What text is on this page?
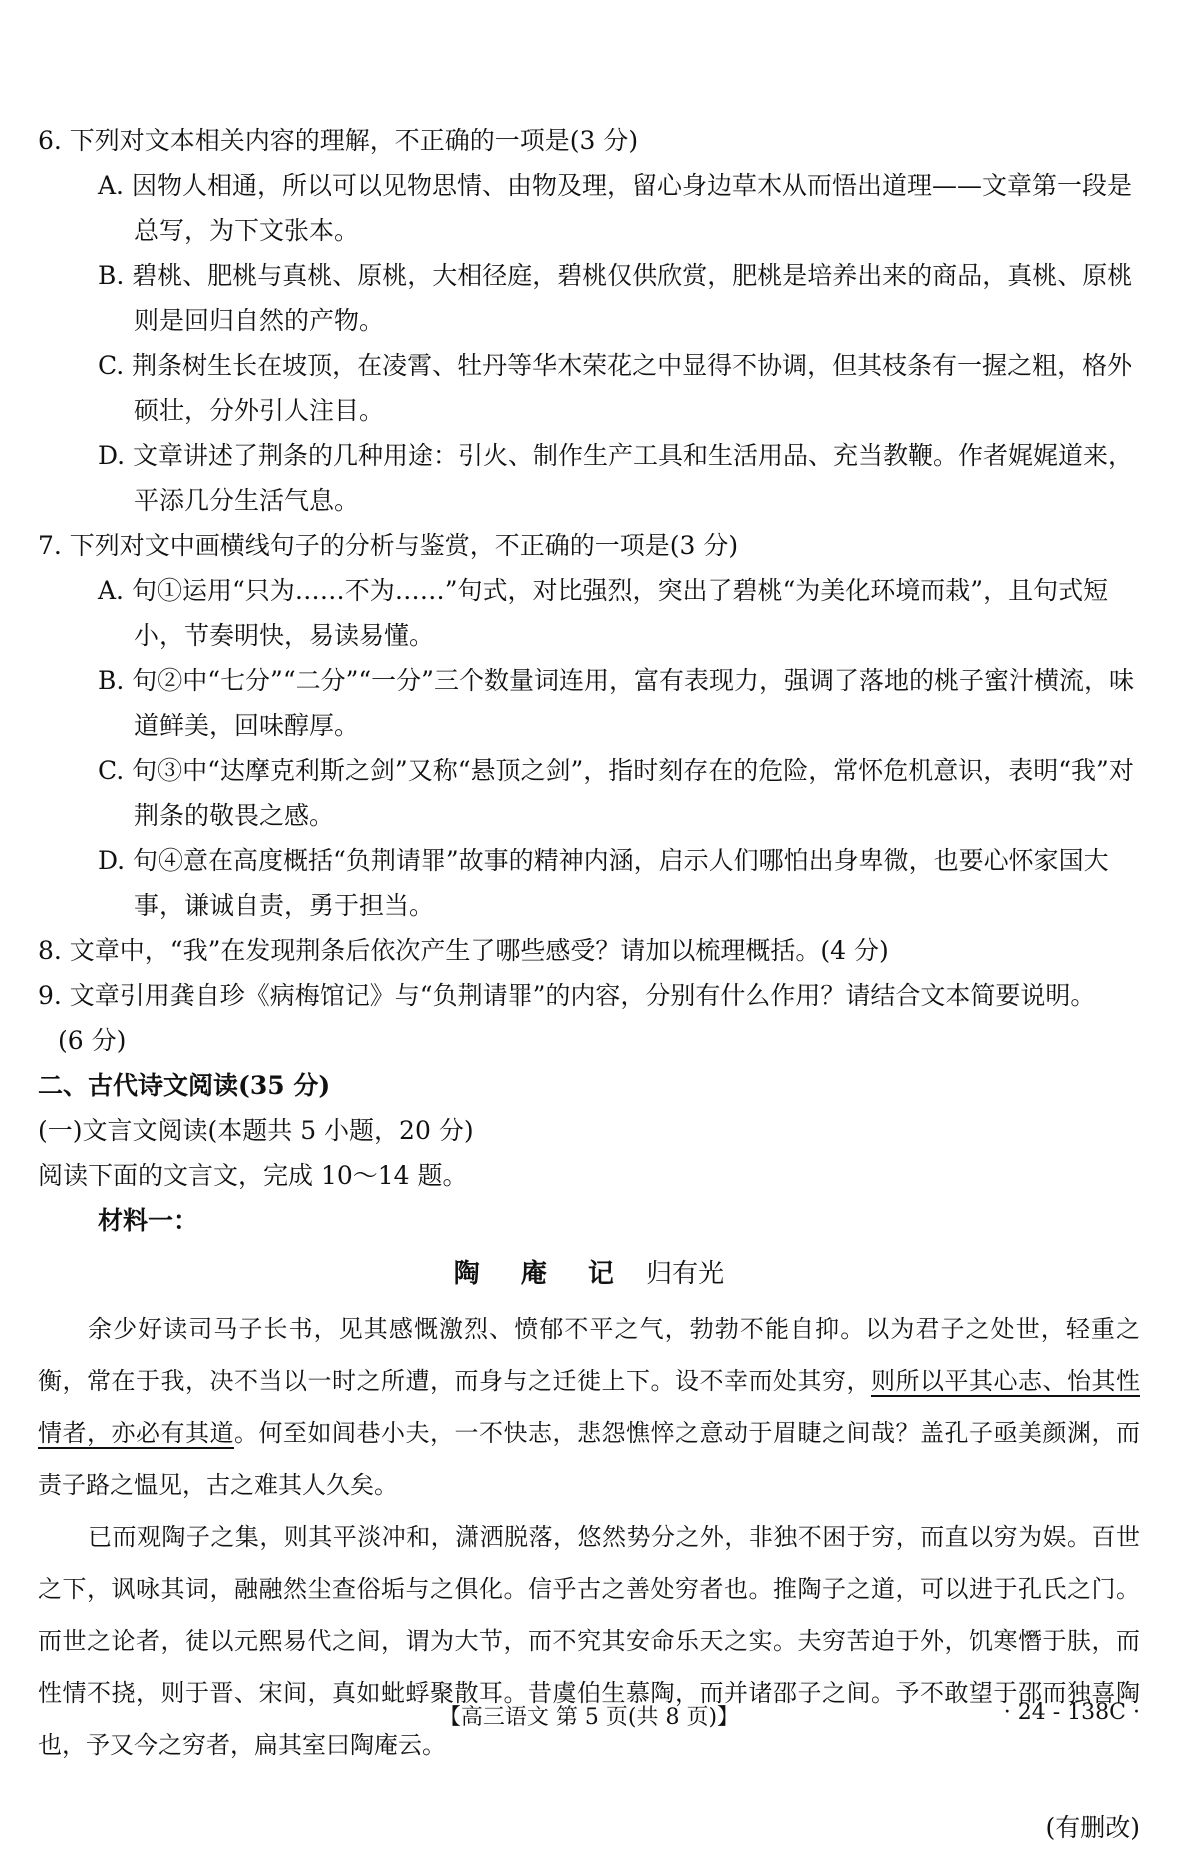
6. 下列对文本相关内容的理解，不正确的一项是(3 分)

A. 因物人相通，所以可以见物思情、由物及理，留心身边草木从而悟出道理——文章第一段是总写，为下文张本。

B. 碧桃、肥桃与真桃、原桃，大相径庭，碧桃仅供欣赏，肥桃是培养出来的商品，真桃、原桃则是回归自然的产物。

C. 荆条树生长在坡顶，在凌霄、牡丹等华木荣花之中显得不协调，但其枝条有一握之粗，格外硕壮，分外引人注目。

D. 文章讲述了荆条的几种用途：引火、制作生产工具和生活用品、充当教鞭。作者娓娓道来，平添几分生活气息。

7. 下列对文中画横线句子的分析与鉴赏，不正确的一项是(3 分)

A. 句①运用“只为……不为……”句式，对比强烈，突出了碧桃“为美化环境而栽”，且句式短小，节奏明快，易读易懂。

B. 句②中“七分”“二分”“一分”三个数量词连用，富有表现力，强调了落地的桃子蜜汁横流，味道鲜美，回味醇厚。

C. 句③中“达摩克利斯之剑”又称“悬顶之剑”，指时刻存在的危险，常怀危机意识，表明“我”对荆条的敬畏之感。

D. 句④意在高度概括“负荆请罪”故事的精神内涵，启示人们哪怕出身卑微，也要心怀家国大事，谦诚自责，勇于担当。

8. 文章中，“我”在发现荆条后依次产生了哪些感受？请加以梳理概括。(4 分)

9. 文章引用龚自珍《病梅馆记》与“负荆请罪”的内容，分别有什么作用？请结合文本简要说明。

(6 分)

二、古代诗文阅读(35 分)

(一)文言文阅读(本题共 5 小题，20 分)

阅读下面的文言文，完成 10～14 题。

材料一：

陶 庵 记 归有光

余少好读司马子长书，见其感慨激烈、愤郁不平之气，勃勃不能自抑。以为君子之处世，轻重之衡，常在于我，决不当以一时之所遭，而身与之迁徙上下。设不幸而处其穷，则所以平其心志、怡其性情者，亦必有其道。何至如闾巷小夫，一不快志，悲怨憔悴之意动于眉睫之间哉？盖孔子亟美颜渊，而责子路之愠见，古之难其人久矣。

已而观陶子之集，则其平淡冲和，潇洒脱落，悠然势分之外，非独不困于穷，而直以穷为娱。百世之下，讽咏其词，融融然尘查俗垢与之俱化。信乎古之善处穷者也。推陶子之道，可以进于孔氏之门。而世之论者，徒以元熙易代之间，谓为大节，而不究其安命乐天之实。夫穷苦迫于外，饥寒憯于肤，而性情不挠，则于晋、宋间，真如蚍蜉聚散耳。昔虞伯生慕陶，而并诸邵子之间。予不敢望于邵而独喜陶也，予又今之穷者，扁其室曰陶庵云。

(有删改)

【高三语文 第 5 页(共 8 页)】	· 24 - 138C ·
